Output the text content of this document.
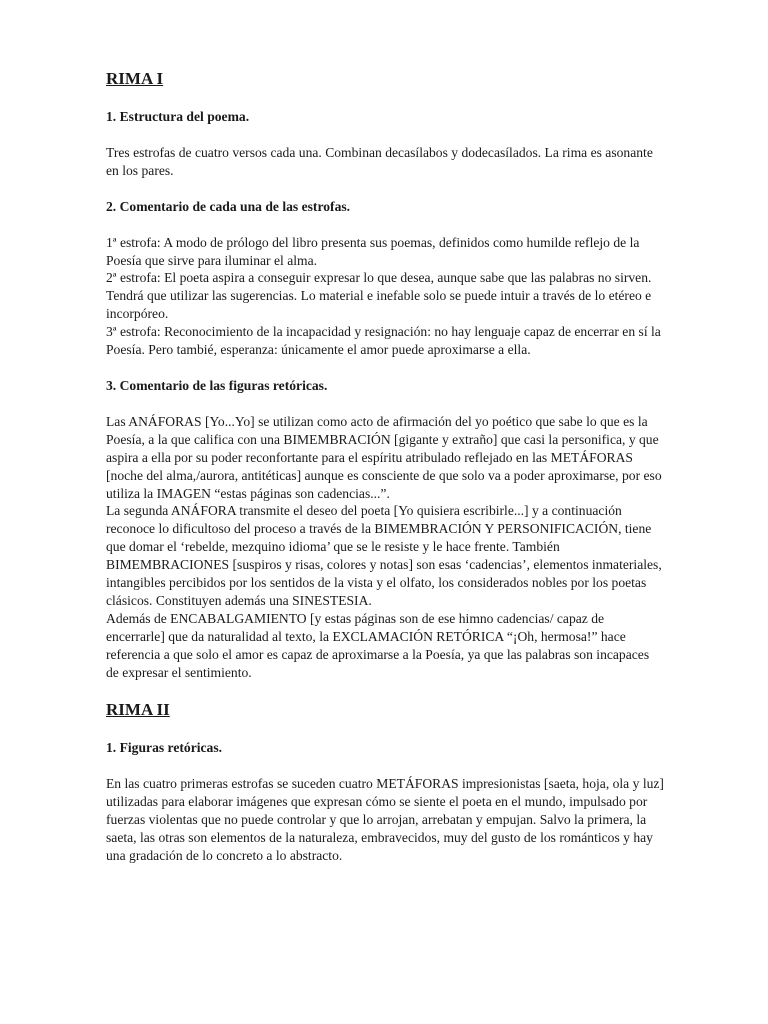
RIMA I

1. Estructura del poema.

Tres estrofas de cuatro versos cada una. Combinan decasílabos y dodecasílados. La rima es asonante en los pares.

2. Comentario de cada una de las estrofas.

1ª estrofa: A modo de prólogo del libro presenta sus poemas, definidos como humilde reflejo de la Poesía que sirve para iluminar el alma.

2ª estrofa: El poeta aspira a conseguir expresar lo que desea, aunque sabe que las palabras no sirven. Tendrá que utilizar las sugerencias. Lo material e inefable solo se puede intuir a través de lo etéreo e incorpóreo.

3ª estrofa: Reconocimiento de la incapacidad y resignación: no hay lenguaje capaz de encerrar en sí la Poesía. Pero tambié, esperanza: únicamente el amor puede aproximarse a ella.

3. Comentario de las figuras retóricas.

Las ANÁFORAS [Yo...Yo] se utilizan como acto de afirmación del yo poético que sabe lo que es la Poesía, a la que califica con una BIMEMBRACIÓN [gigante y extraño] que casi la personifica, y que aspira a ella por su poder reconfortante para el espíritu atribulado reflejado en las METÁFORAS [noche del alma,/aurora, antitéticas] aunque es consciente de que solo va a poder aproximarse, por eso utiliza la IMAGEN “estas páginas son cadencias...”.

La segunda ANÁFORA transmite el deseo del poeta [Yo quisiera escribirle...] y a continuación reconoce lo dificultoso del proceso a través de la BIMEMBRACIÓN Y PERSONIFICACIÓN, tiene que domar el ‘rebelde, mezquino idioma’ que se le resiste y le hace frente. También BIMEMBRACIONES [suspiros y risas, colores y notas] son esas ‘cadencias’, elementos inmateriales, intangibles percibidos por los sentidos de la vista y el olfato, los considerados nobles por los poetas clásicos. Constituyen además una SINESTESIA.

Además de ENCABALGAMIENTO [y estas páginas son de ese himno cadencias/ capaz de encerrarle] que da naturalidad al texto, la EXCLAMACIÓN RETÓRICA “¡Oh, hermosa!” hace referencia a que solo el amor es capaz de aproximarse a la Poesía, ya que las palabras son incapaces de expresar el sentimiento.

RIMA II

1. Figuras retóricas.

En las cuatro primeras estrofas se suceden cuatro METÁFORAS impresionistas [saeta, hoja, ola y luz] utilizadas para elaborar imágenes que expresan cómo se siente el poeta en el mundo, impulsado por fuerzas violentas que no puede controlar y que lo arrojan, arrebatan y empujan. Salvo la primera, la saeta, las otras son elementos de la naturaleza, embravecidos, muy del gusto de los románticos y hay una gradación de lo concreto a lo abstracto.
